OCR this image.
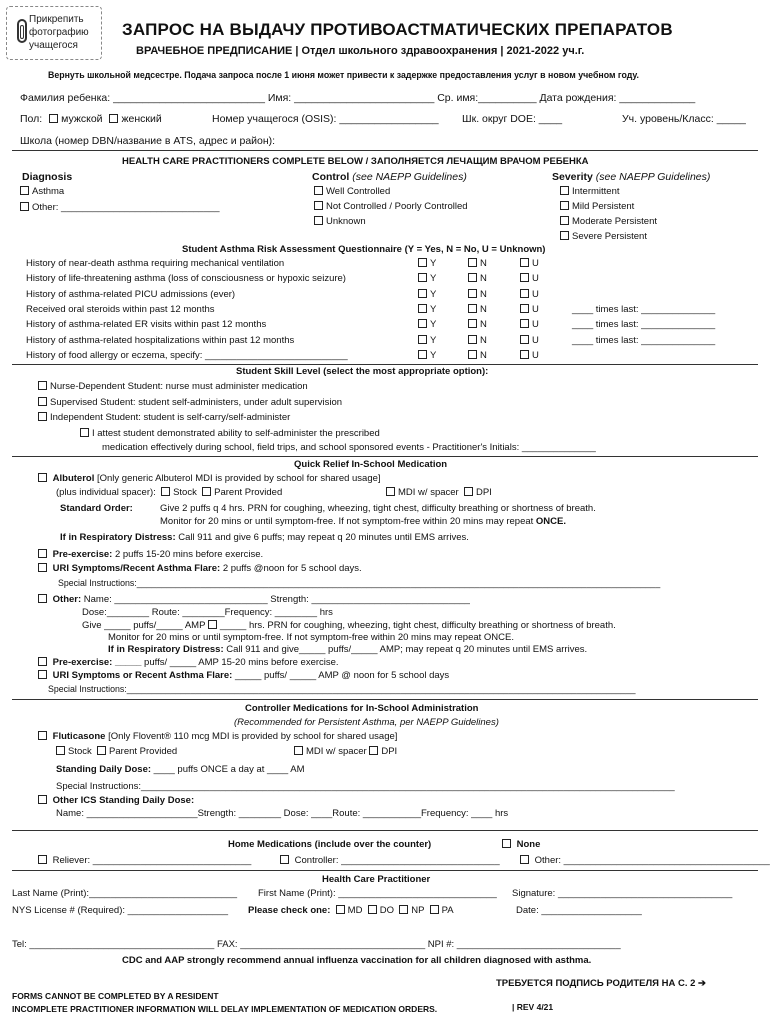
Прикрепить
фотографию
учащегося
ЗАПРОС НА ВЫДАЧУ ПРОТИВОАСТМАТИЧЕСКИХ ПРЕПАРАТОВ
ВРАЧЕБНОЕ ПРЕДПИСАНИЕ | Отдел школьного здравоохранения | 2021-2022 уч.г.
Вернуть школьной медсестре. Подача запроса после 1 июня может привести к задержке предоставления услуг в новом учебном году.
Фамилия ребенка: __________________________ Имя: ________________________ Ср. имя:__________ Дата рождения: _____________
Пол: мужской женский	Номер учащегося (OSIS): _________________ Шк. округ DOE: ____	Уч. уровень/Класс: _____
Школа (номер DBN/название в ATS, адрес и район):
HEALTH CARE PRACTITIONERS COMPLETE BELOW / ЗАПОЛНЯЕТСЯ ЛЕЧАЩИМ ВРАЧОМ РЕБЕНКА
Diagnosis
Asthma
Other: ______________________________
Control (see NAEPP Guidelines)
Well Controlled
Not Controlled / Poorly Controlled
Unknown
Severity (see NAEPP Guidelines)
Intermittent
Mild Persistent
Moderate Persistent
Severe Persistent
Student Asthma Risk Assessment Questionnaire (Y = Yes, N = No, U = Unknown)
History of near-death asthma requiring mechanical ventilation	Y	N	U
History of life-threatening asthma (loss of consciousness or hypoxic seizure)	Y	N	U
History of asthma-related PICU admissions (ever)	Y	N	U
Received oral steroids within past 12 months	Y	N	U	____ times last: ______________
History of asthma-related ER visits within past 12 months	Y	N	U	____ times last: ______________
History of asthma-related hospitalizations within past 12 months	Y	N	U	____ times last: ______________
History of food allergy or eczema, specify: ___________________________	Y	N	U
Student Skill Level (select the most appropriate option):
Nurse-Dependent Student: nurse must administer medication
Supervised Student: student self-administers, under adult supervision
Independent Student: student is self-carry/self-administer
I attest student demonstrated ability to self-administer the prescribed
medication effectively during school, field trips, and school sponsored events - Practitioner's Initials: ______________
Quick Relief In-School Medication
Albuterol [Only generic Albuterol MDI is provided by school for shared usage]
(plus individual spacer): Stock Parent Provided	MDI w/ spacer DPI
Standard Order:	Give 2 puffs q 4 hrs. PRN for coughing, wheezing, tight chest, difficulty breathing or shortness of breath.
Monitor for 20 mins or until symptom-free. If not symptom-free within 20 mins may repeat ONCE.
If in Respiratory Distress: Call 911 and give 6 puffs; may repeat q 20 minutes until EMS arrives.
Pre-exercise: 2 puffs 15-20 mins before exercise.
URI Symptoms/Recent Asthma Flare: 2 puffs @noon for 5 school days.
Special Instructions:___________________________________________________________________________________________________________
Other: Name: _____________________________ Strength: ______________________________
Dose:________ Route: ________Frequency: ________ hrs
Give _____ puffs/_____ AMP _____ hrs. PRN for coughing, wheezing, tight chest, difficulty breathing or shortness of breath.
Monitor for 20 mins or until symptom-free. If not symptom-free within 20 mins may repeat ONCE.
If in Respiratory Distress: Call 911 and give_____ puffs/_____ AMP; may repeat q 20 minutes until EMS arrives.
Pre-exercise: _____ puffs/ _____ AMP 15-20 mins before exercise.
URI Symptoms or Recent Asthma Flare: _____ puffs/ _____ AMP @ noon for 5 school days
Special Instructions:________________________________________________________________________________________________________
Controller Medications for In-School Administration
(Recommended for Persistent Asthma, per NAEPP Guidelines)
Fluticasone [Only Flovent® 110 mcg MDI is provided by school for shared usage]
Stock Parent Provided	MDI w/ spacer DPI
Standing Daily Dose: ____ puffs ONCE a day at ____ AM
Special Instructions:_____________________________________________________________________________________________________
Other ICS Standing Daily Dose:
Name: _____________________Strength: ________ Dose: ____Route: ___________Frequency: ____ hrs
Home Medications (include over the counter)	None
Reliever: ______________________________	Controller: ______________________________	Other: _______________________________________
Health Care Practitioner
Last Name (Print):____________________________ First Name (Print): ______________________________ Signature: _________________________________
NYS License # (Required): ___________________ Please check one: MD DO NP PA	Date: ___________________
Tel: ___________________________________ FAX: ___________________________________ NPI #: _______________________________
CDC and AAP strongly recommend annual influenza vaccination for all children diagnosed with asthma.
ТРЕБУЕТСЯ ПОДПИСЬ РОДИТЕЛЯ НА С. 2 ➔
FORMS CANNOT BE COMPLETED BY A RESIDENT
INCOMPLETE PRACTITIONER INFORMATION WILL DELAY IMPLEMENTATION OF MEDICATION ORDERS.	| REV 4/21
